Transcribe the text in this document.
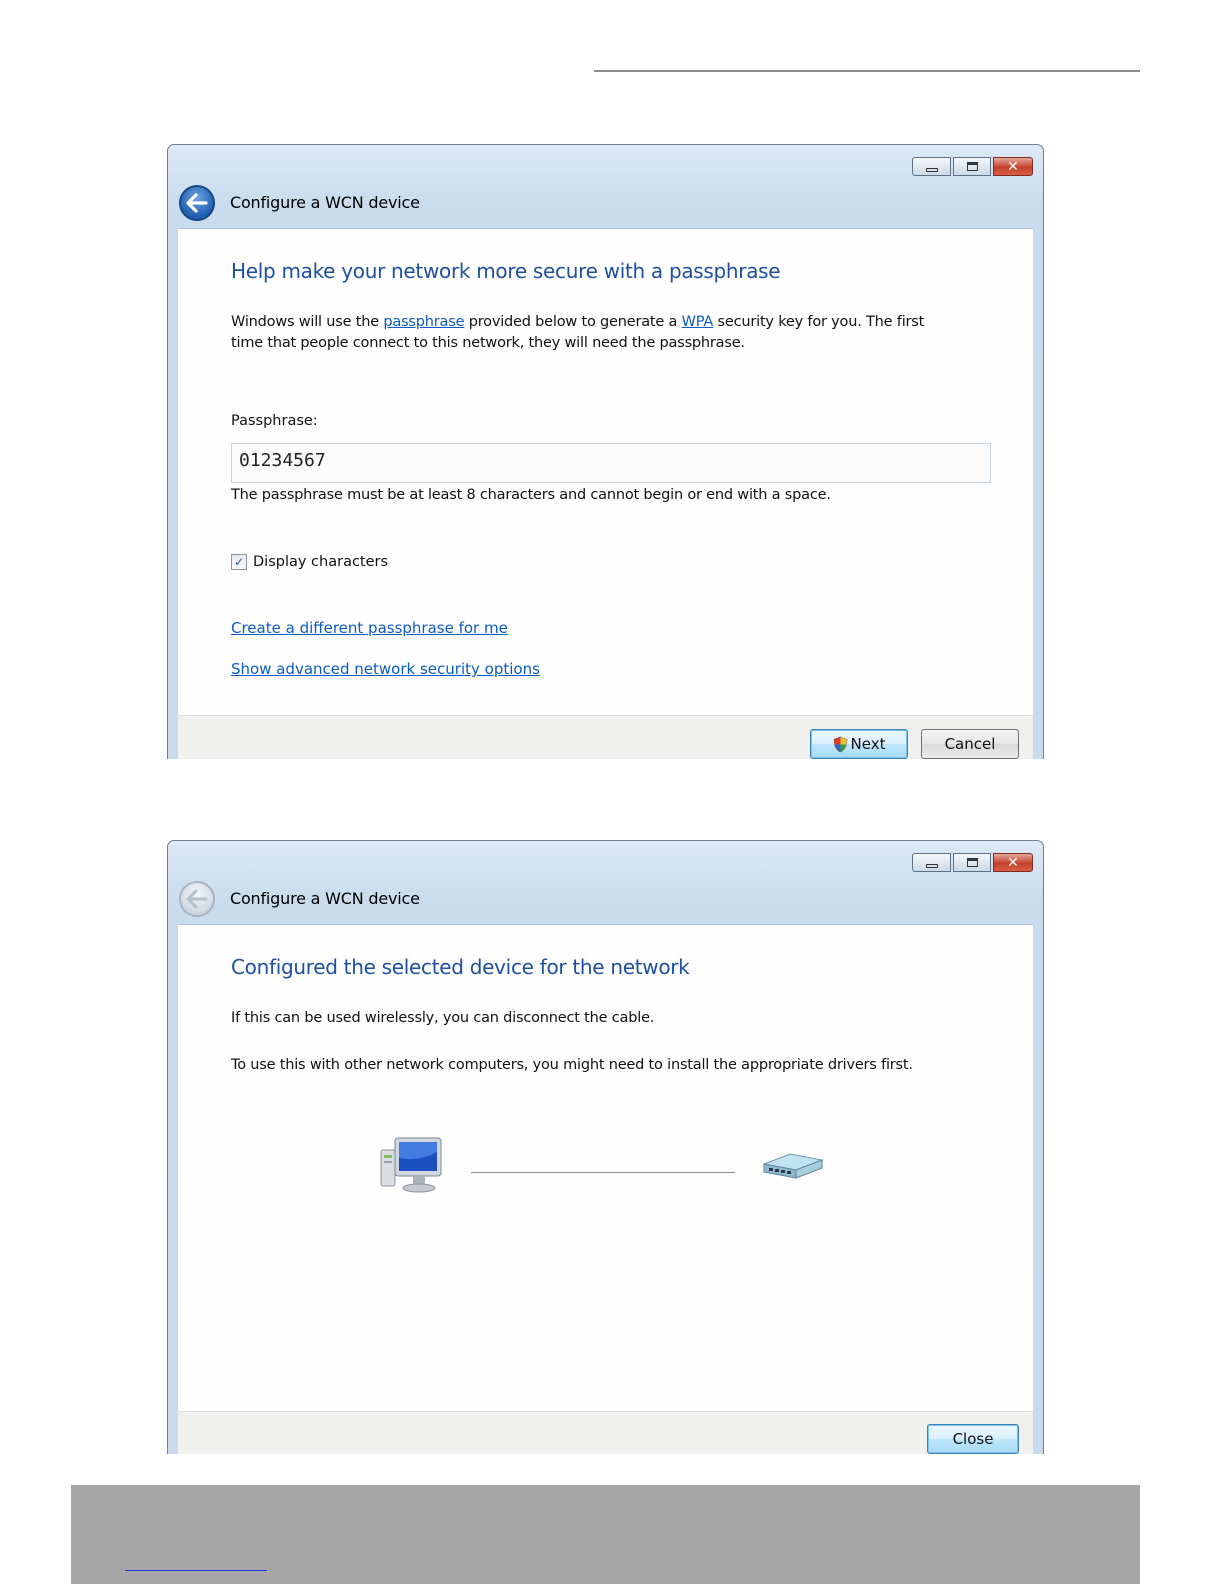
✕
Configure a WCN device
Help make your network more secure with a passphrase
Windows will use the passphrase provided below to generate a WPA security key for you. The first
time that people connect to this network, they will need the passphrase.
Passphrase:
01234567
The passphrase must be at least 8 characters and cannot begin or end with a space.
✓ Display characters
Create a different passphrase for me
Show advanced network security options
Next	Cancel
✕
Configure a WCN device
Configured the selected device for the network
If this can be used wirelessly, you can disconnect the cable.
To use this with other network computers, you might need to install the appropriate drivers first.
Close
